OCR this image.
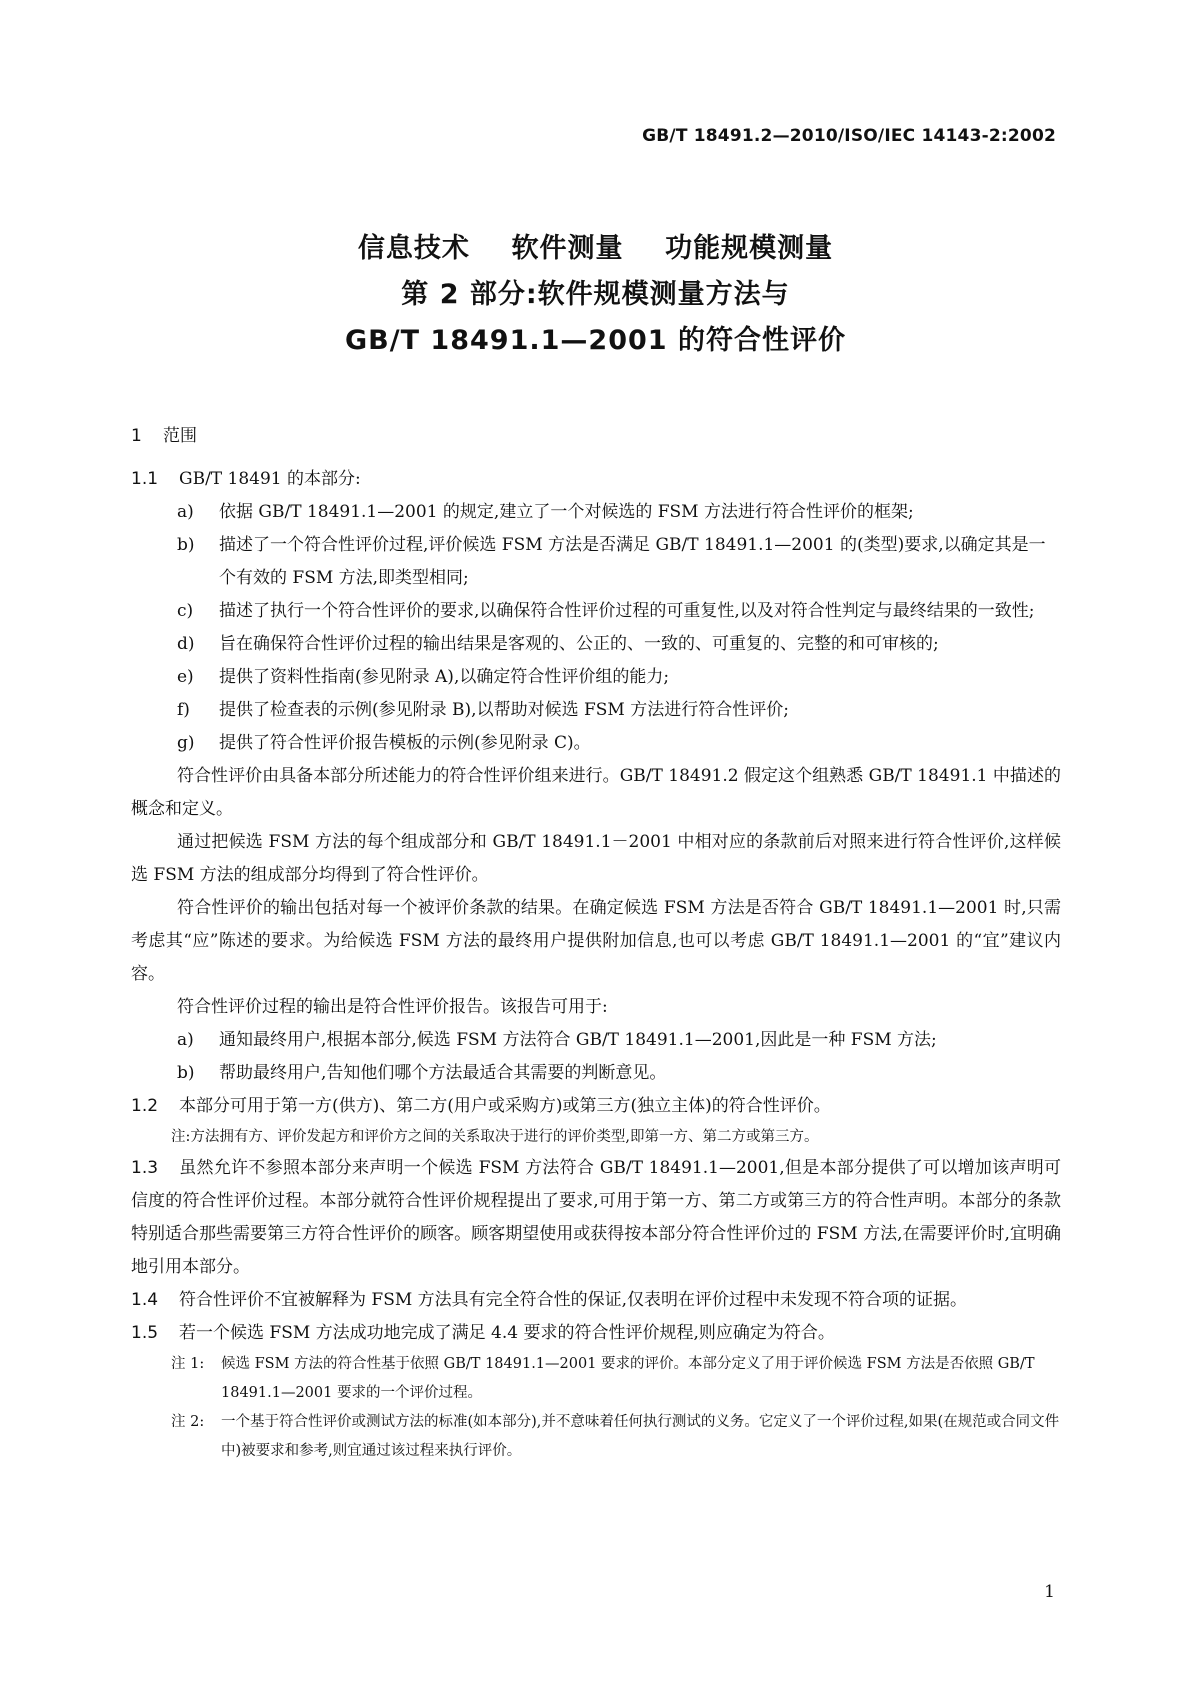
GB/T 18491.2—2010/ISO/IEC 14143-2:2002
信息技术    软件测量    功能规模测量
第 2 部分:软件规模测量方法与
GB/T 18491.1—2001 的符合性评价
1 范围

1.1 GB/T 18491 的本部分:

a) 依据 GB/T 18491.1—2001 的规定,建立了一个对候选的 FSM 方法进行符合性评价的框架;
b) 描述了一个符合性评价过程,评价候选 FSM 方法是否满足 GB/T 18491.1—2001 的(类型)要求,以确定其是一个有效的 FSM 方法,即类型相同;
c) 描述了执行一个符合性评价的要求,以确保符合性评价过程的可重复性,以及对符合性判定与最终结果的一致性;
d) 旨在确保符合性评价过程的输出结果是客观的、公正的、一致的、可重复的、完整的和可审核的;
e) 提供了资料性指南(参见附录 A),以确定符合性评价组的能力;
f) 提供了检查表的示例(参见附录 B),以帮助对候选 FSM 方法进行符合性评价;
g) 提供了符合性评价报告模板的示例(参见附录 C)。

符合性评价由具备本部分所述能力的符合性评价组来进行。GB/T 18491.2 假定这个组熟悉 GB/T 18491.1 中描述的概念和定义。

通过把候选 FSM 方法的每个组成部分和 GB/T 18491.1－2001 中相对应的条款前后对照来进行符合性评价,这样候选 FSM 方法的组成部分均得到了符合性评价。

符合性评价的输出包括对每一个被评价条款的结果。在确定候选 FSM 方法是否符合 GB/T 18491.1—2001 时,只需考虑其“应”陈述的要求。为给候选 FSM 方法的最终用户提供附加信息,也可以考虑 GB/T 18491.1—2001 的“宜”建议内容。

符合性评价过程的输出是符合性评价报告。该报告可用于:

a) 通知最终用户,根据本部分,候选 FSM 方法符合 GB/T 18491.1—2001,因此是一种 FSM 方法;
b) 帮助最终用户,告知他们哪个方法最适合其需要的判断意见。

1.2 本部分可用于第一方(供方)、第二方(用户或采购方)或第三方(独立主体)的符合性评价。

注:方法拥有方、评价发起方和评价方之间的关系取决于进行的评价类型,即第一方、第二方或第三方。

1.3 虽然允许不参照本部分来声明一个候选 FSM 方法符合 GB/T 18491.1—2001,但是本部分提供了可以增加该声明可信度的符合性评价过程。本部分就符合性评价规程提出了要求,可用于第一方、第二方或第三方的符合性声明。本部分的条款特别适合那些需要第三方符合性评价的顾客。顾客期望使用或获得按本部分符合性评价过的 FSM 方法,在需要评价时,宜明确地引用本部分。

1.4 符合性评价不宜被解释为 FSM 方法具有完全符合性的保证,仅表明在评价过程中未发现不符合项的证据。

1.5 若一个候选 FSM 方法成功地完成了满足 4.4 要求的符合性评价规程,则应确定为符合。

注 1: 候选 FSM 方法的符合性基于依照 GB/T 18491.1—2001 要求的评价。本部分定义了用于评价候选 FSM 方法是否依照 GB/T 18491.1—2001 要求的一个评价过程。
注 2: 一个基于符合性评价或测试方法的标准(如本部分),并不意味着任何执行测试的义务。它定义了一个评价过程,如果(在规范或合同文件中)被要求和参考,则宜通过该过程来执行评价。
1
